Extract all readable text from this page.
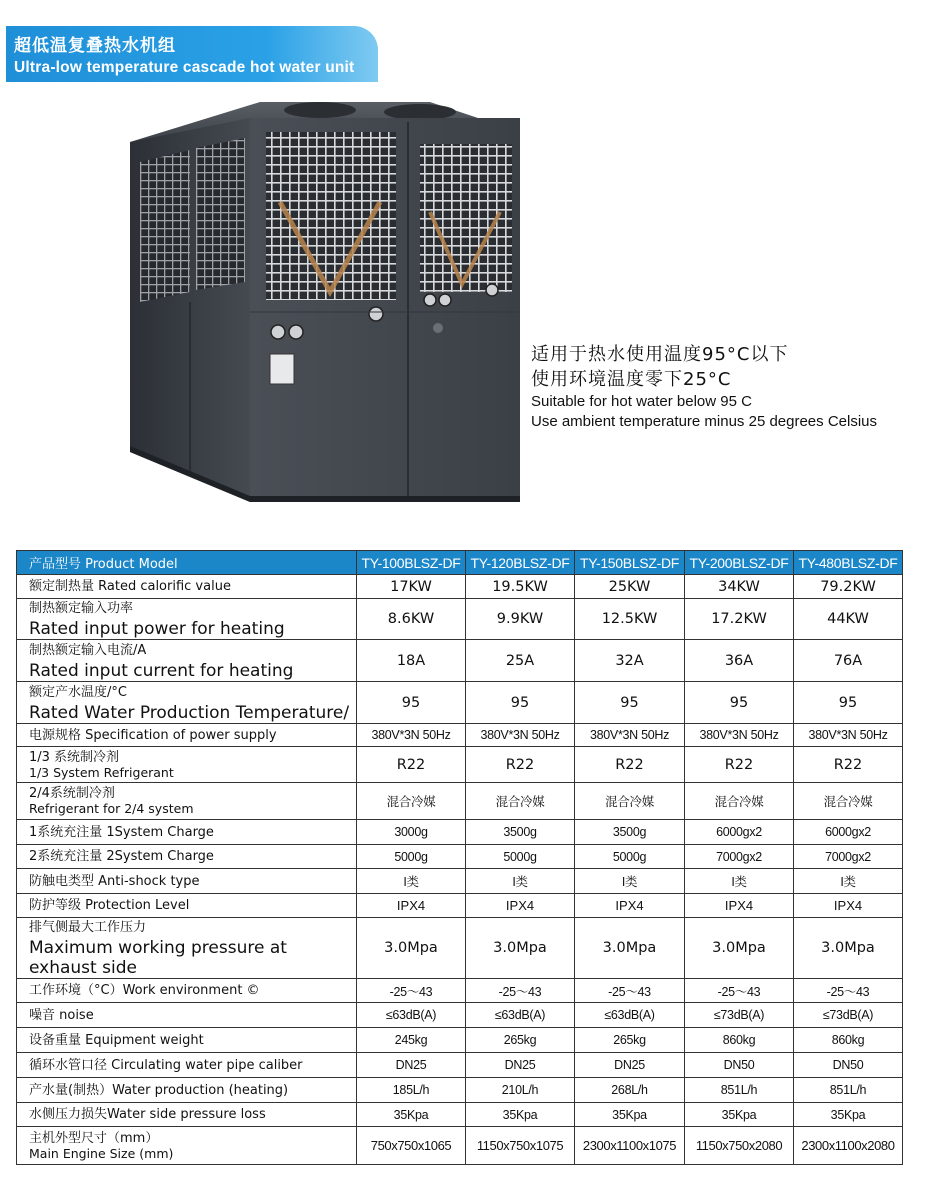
超低温复叠热水机组
Ultra-low temperature cascade hot water unit
适用于热水使用温度95°C以下
使用环境温度零下25°C
Suitable for hot water below 95 C
Use ambient temperature minus 25 degrees Celsius
产品型号 Product Model	TY-100BLSZ-DF	TY-120BLSZ-DF	TY-150BLSZ-DF	TY-200BLSZ-DF	TY-480BLSZ-DF

额定制热量 Rated calorific value	17KW	19.5KW	25KW	34KW	79.2KW

制热额定输入功率
Rated input power for heating	8.6KW	9.9KW	12.5KW	17.2KW	44KW

制热额定输入电流/A
Rated input current for heating	18A	25A	32A	36A	76A

额定产水温度/°C
Rated Water Production Temperature/	95	95	95	95	95

电源规格 Specification of power supply	380V*3N 50Hz	380V*3N 50Hz	380V*3N 50Hz	380V*3N 50Hz	380V*3N 50Hz

1/3 系统制冷剂
1/3 System Refrigerant	R22	R22	R22	R22	R22

2/4系统制冷剂
Refrigerant for 2/4 system	混合冷媒	混合冷媒	混合冷媒	混合冷媒	混合冷媒

1系统充注量 1System Charge	3000g	3500g	3500g	6000gx2	6000gx2

2系统充注量 2System Charge	5000g	5000g	5000g	7000gx2	7000gx2

防触电类型 Anti-shock type	I类	I类	I类	I类	I类

防护等级 Protection Level	IPX4	IPX4	IPX4	IPX4	IPX4

排气侧最大工作压力
Maximum working pressure at exhaust side	3.0Mpa	3.0Mpa	3.0Mpa	3.0Mpa	3.0Mpa

工作环境（°C）Work environment ©	-25～43	-25～43	-25～43	-25～43	-25～43

噪音 noise	≤63dB(A)	≤63dB(A)	≤63dB(A)	≤73dB(A)	≤73dB(A)

设备重量 Equipment weight	245kg	265kg	265kg	860kg	860kg

循环水管口径 Circulating water pipe caliber	DN25	DN25	DN25	DN50	DN50

产水量(制热）Water production (heating)	185L/h	210L/h	268L/h	851L/h	851L/h

水侧压力损失Water side pressure loss	35Kpa	35Kpa	35Kpa	35Kpa	35Kpa

主机外型尺寸（mm）
Main Engine Size (mm)	750x750x1065	1150x750x1075	2300x1100x1075	1150x750x2080	2300x1100x2080
